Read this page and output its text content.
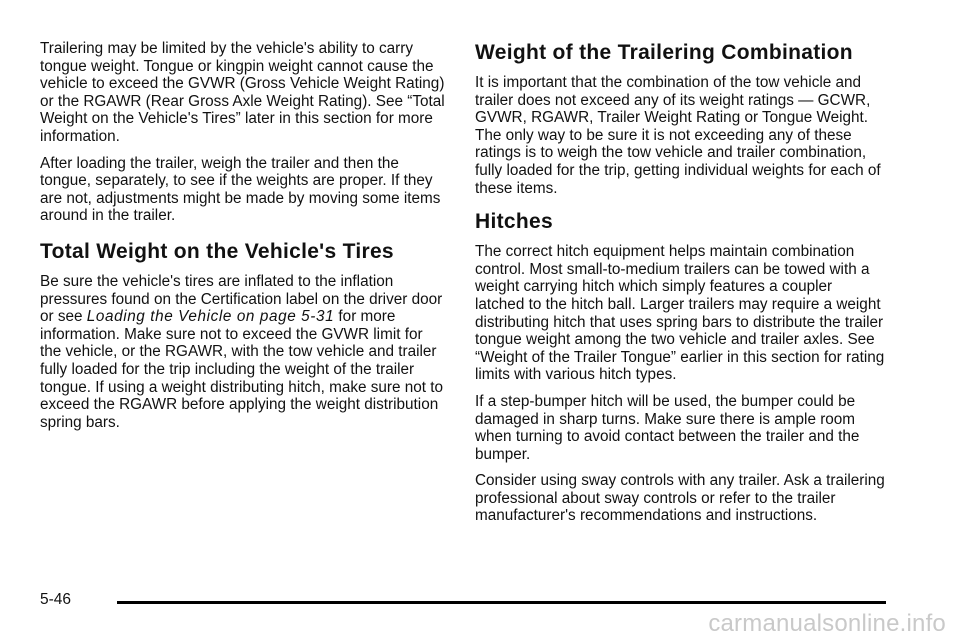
Trailering may be limited by the vehicle's ability to carry tongue weight. Tongue or kingpin weight cannot cause the vehicle to exceed the GVWR (Gross Vehicle Weight Rating) or the RGAWR (Rear Gross Axle Weight Rating). See “Total Weight on the Vehicle's Tires” later in this section for more information.

After loading the trailer, weigh the trailer and then the tongue, separately, to see if the weights are proper. If they are not, adjustments might be made by moving some items around in the trailer.

Total Weight on the Vehicle's Tires

Be sure the vehicle's tires are inflated to the inflation pressures found on the Certification label on the driver door or see Loading the Vehicle on page 5‑31 for more information. Make sure not to exceed the GVWR limit for the vehicle, or the RGAWR, with the tow vehicle and trailer fully loaded for the trip including the weight of the trailer tongue. If using a weight distributing hitch, make sure not to exceed the RGAWR before applying the weight distribution spring bars.

Weight of the Trailering Combination

It is important that the combination of the tow vehicle and trailer does not exceed any of its weight ratings — GCWR, GVWR, RGAWR, Trailer Weight Rating or Tongue Weight. The only way to be sure it is not exceeding any of these ratings is to weigh the tow vehicle and trailer combination, fully loaded for the trip, getting individual weights for each of these items.

Hitches

The correct hitch equipment helps maintain combination control. Most small-to-medium trailers can be towed with a weight carrying hitch which simply features a coupler latched to the hitch ball. Larger trailers may require a weight distributing hitch that uses spring bars to distribute the trailer tongue weight among the two vehicle and trailer axles. See “Weight of the Trailer Tongue” earlier in this section for rating limits with various hitch types.

If a step-bumper hitch will be used, the bumper could be damaged in sharp turns. Make sure there is ample room when turning to avoid contact between the trailer and the bumper.

Consider using sway controls with any trailer. Ask a trailering professional about sway controls or refer to the trailer manufacturer's recommendations and instructions.

5-46
carmanualsonline.info
